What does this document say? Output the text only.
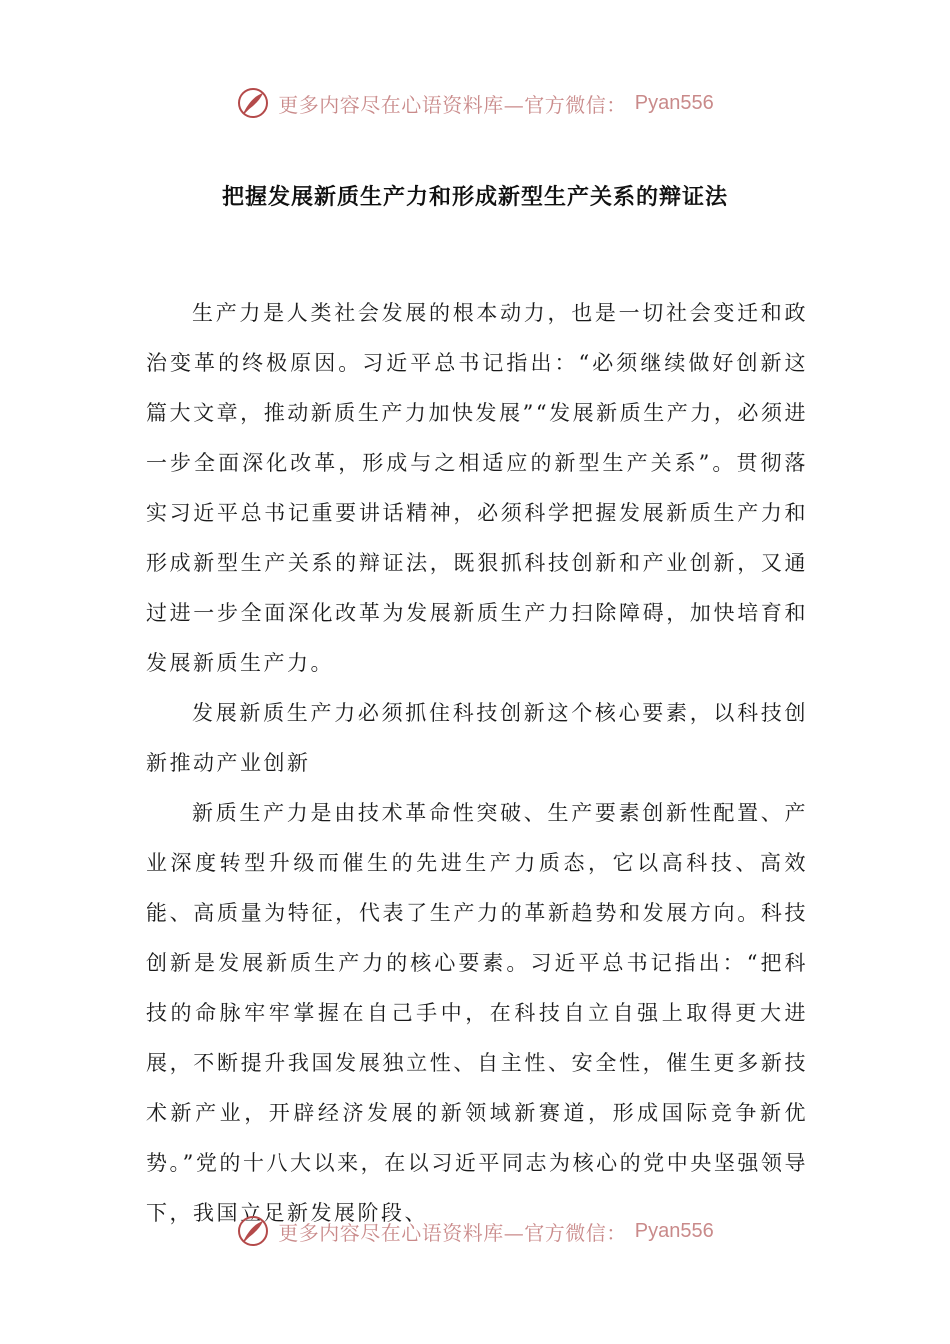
更多内容尽在心语资料库—官方微信： Pyan556
把握发展新质生产力和形成新型生产关系的辩证法

生产力是人类社会发展的根本动力，也是一切社会变迁和政治变革的终极原因。习近平总书记指出：“必须继续做好创新这篇大文章，推动新质生产力加快发展”“发展新质生产力，必须进一步全面深化改革，形成与之相适应的新型生产关系”。贯彻落实习近平总书记重要讲话精神，必须科学把握发展新质生产力和形成新型生产关系的辩证法，既狠抓科技创新和产业创新，又通过进一步全面深化改革为发展新质生产力扫除障碍，加快培育和发展新质生产力。

发展新质生产力必须抓住科技创新这个核心要素，以科技创新推动产业创新

新质生产力是由技术革命性突破、生产要素创新性配置、产业深度转型升级而催生的先进生产力质态，它以高科技、高效能、高质量为特征，代表了生产力的革新趋势和发展方向。科技创新是发展新质生产力的核心要素。习近平总书记指出：“把科技的命脉牢牢掌握在自己手中，在科技自立自强上取得更大进展，不断提升我国发展独立性、自主性、安全性，催生更多新技术新产业，开辟经济发展的新领域新赛道，形成国际竞争新优势。”党的十八大以来，在以习近平同志为核心的党中央坚强领导下，我国立足新发展阶段、

更多内容尽在心语资料库—官方微信： Pyan556
